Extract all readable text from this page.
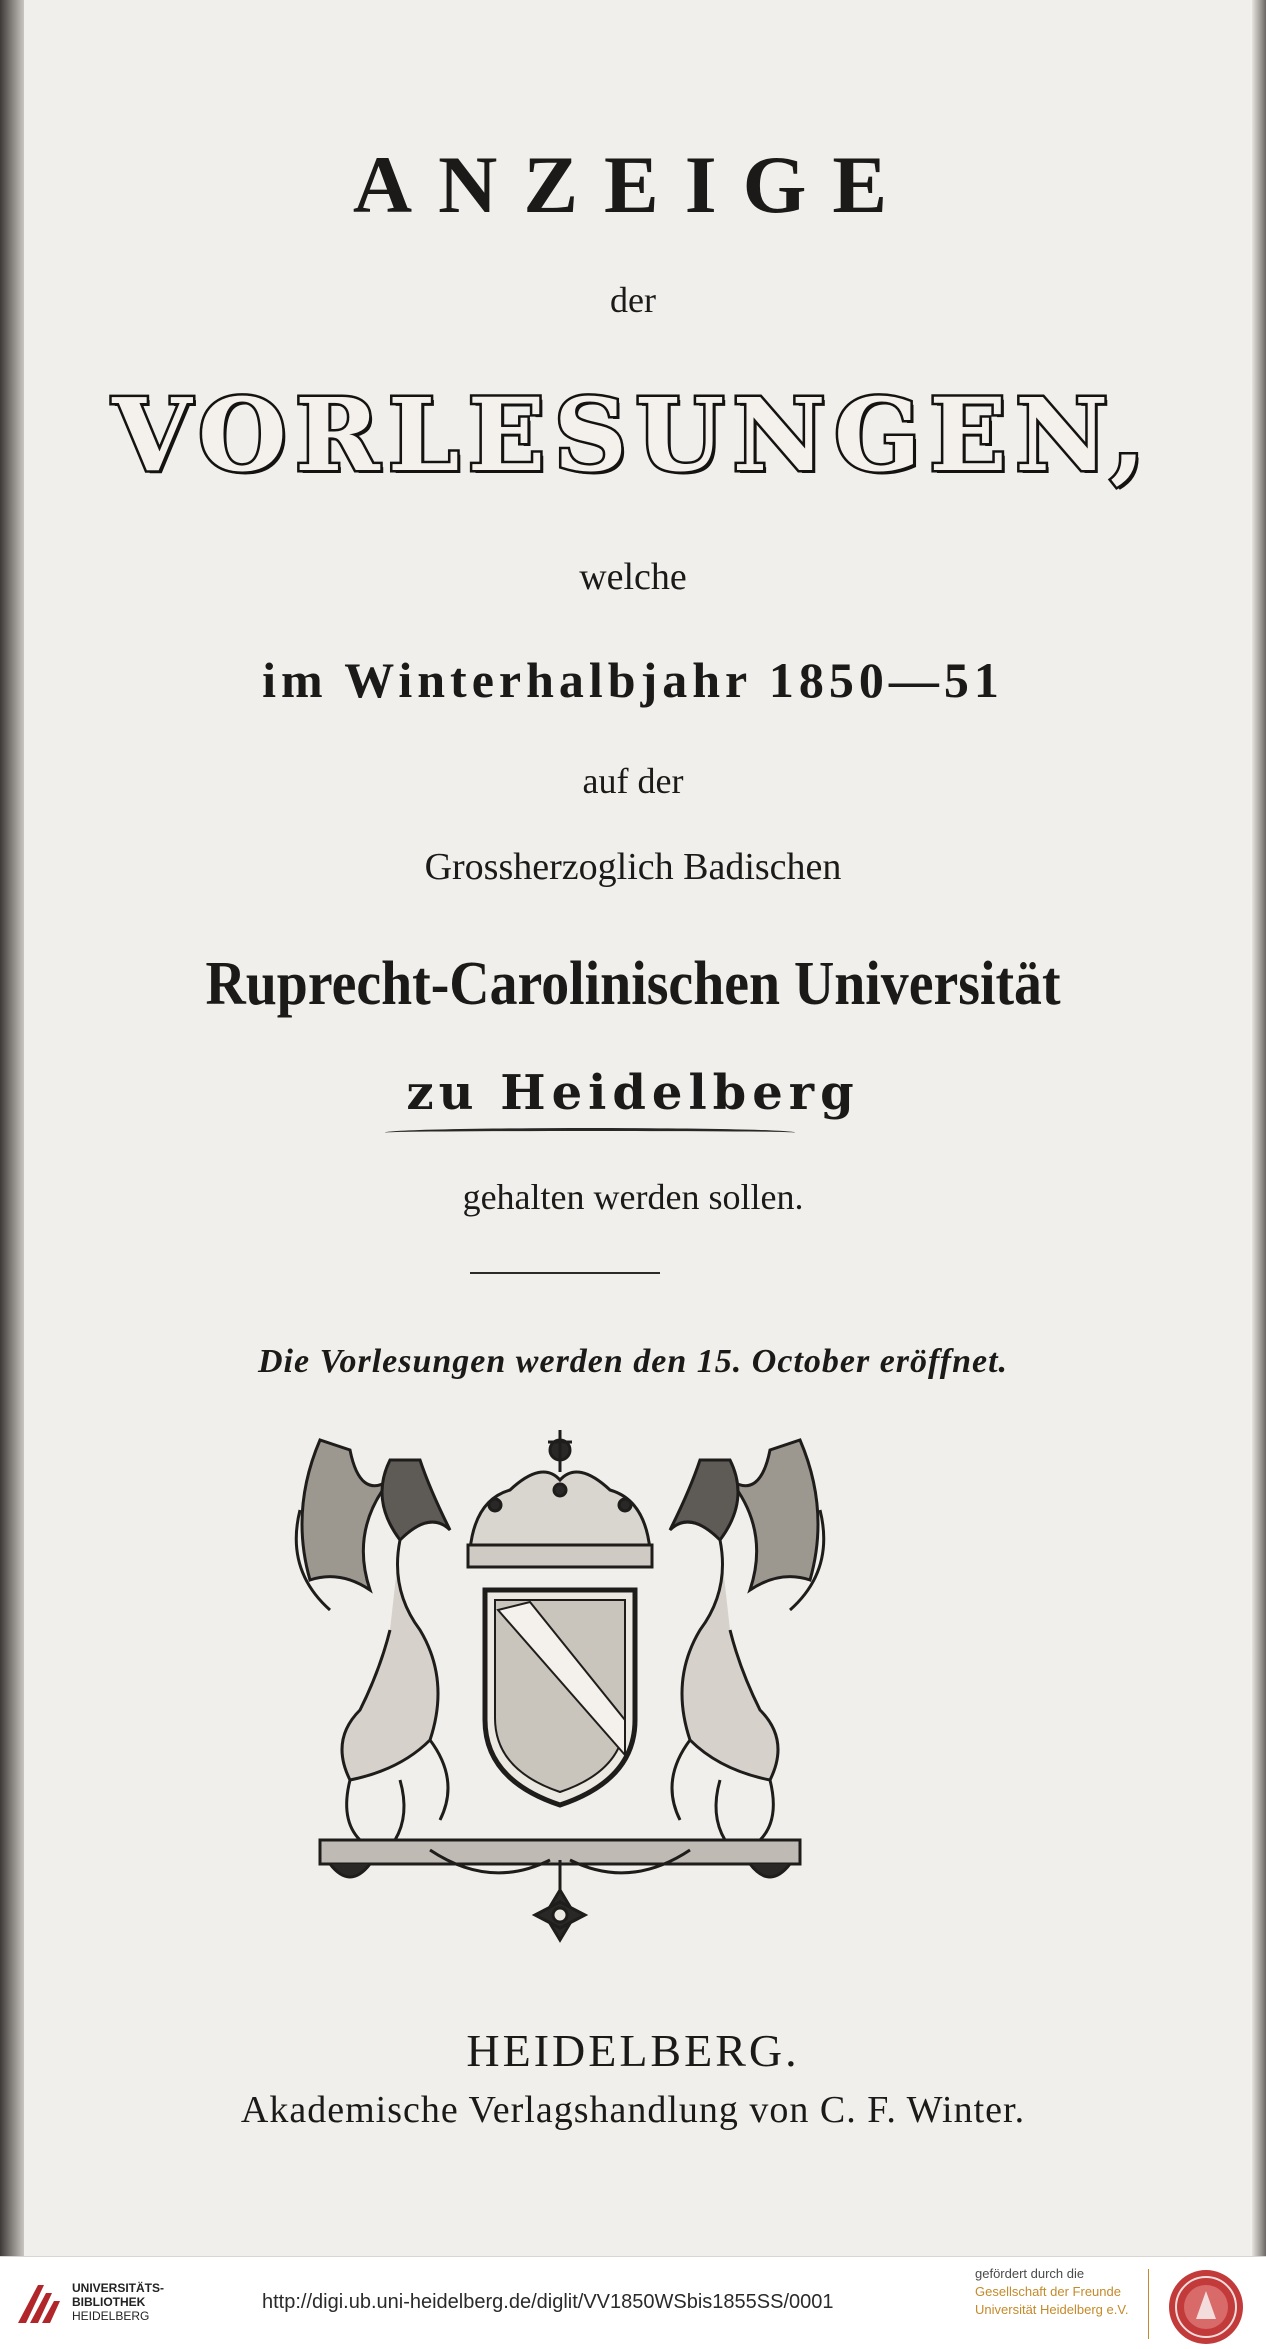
ANZEIGE
der
VORLESUNGEN,
welche
im Winterhalbjahr 1850—51
auf der
Grossherzoglich Badischen
Ruprecht-Carolinischen Universität
zu Heidelberg
gehalten werden sollen.
Die Vorlesungen werden den 15. October eröffnet.
HEIDELBERG.
Akademische Verlagshandlung von C. F. Winter.
UNIVERSITÄTS-
BIBLIOTHEK
HEIDELBERG
http://digi.ub.uni-heidelberg.de/diglit/VV1850WSbis1855SS/0001
gefördert durch die
Gesellschaft der Freunde
Universität Heidelberg e.V.
